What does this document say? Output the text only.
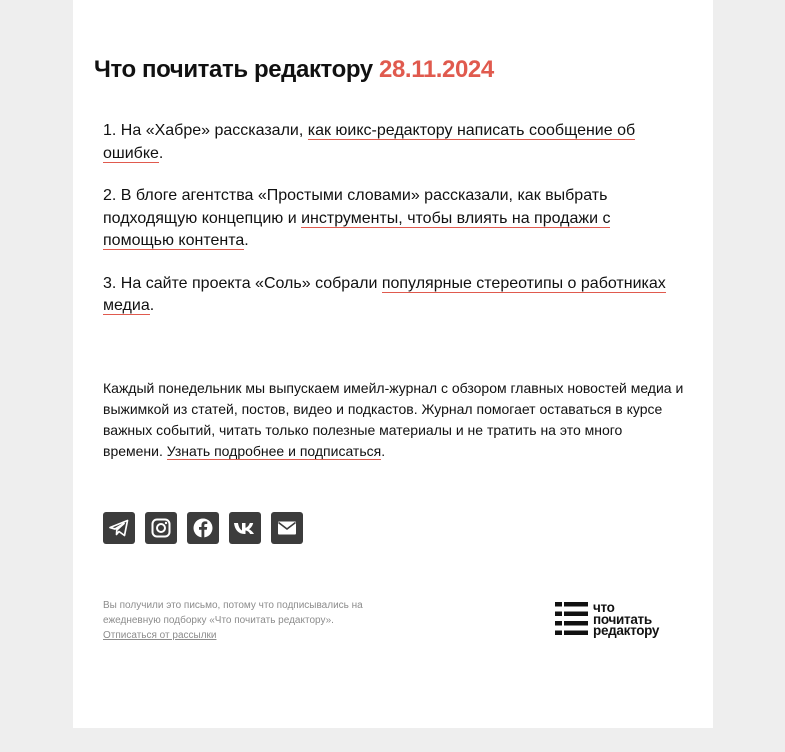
Что почитать редактору 28.11.2024

1. На «Хабре» рассказали, как юикс-редактору написать сообщение об ошибке.

2. В блоге агентства «Простыми словами» рассказали, как выбрать подходящую концепцию и инструменты, чтобы влиять на продажи с помощью контента.

3. На сайте проекта «Соль» собрали популярные стереотипы о работниках медиа.

Каждый понедельник мы выпускаем имейл-журнал с обзором главных новостей медиа и выжимкой из статей, постов, видео и подкастов. Журнал помогает оставаться в курсе важных событий, читать только полезные материалы и не тратить на это много времени. Узнать подробнее и подписаться.

Вы получили это письмо, потому что подписывались на ежедневную подборку «Что почитать редактору».
Отписаться от рассылки

что
почитать
редактору
